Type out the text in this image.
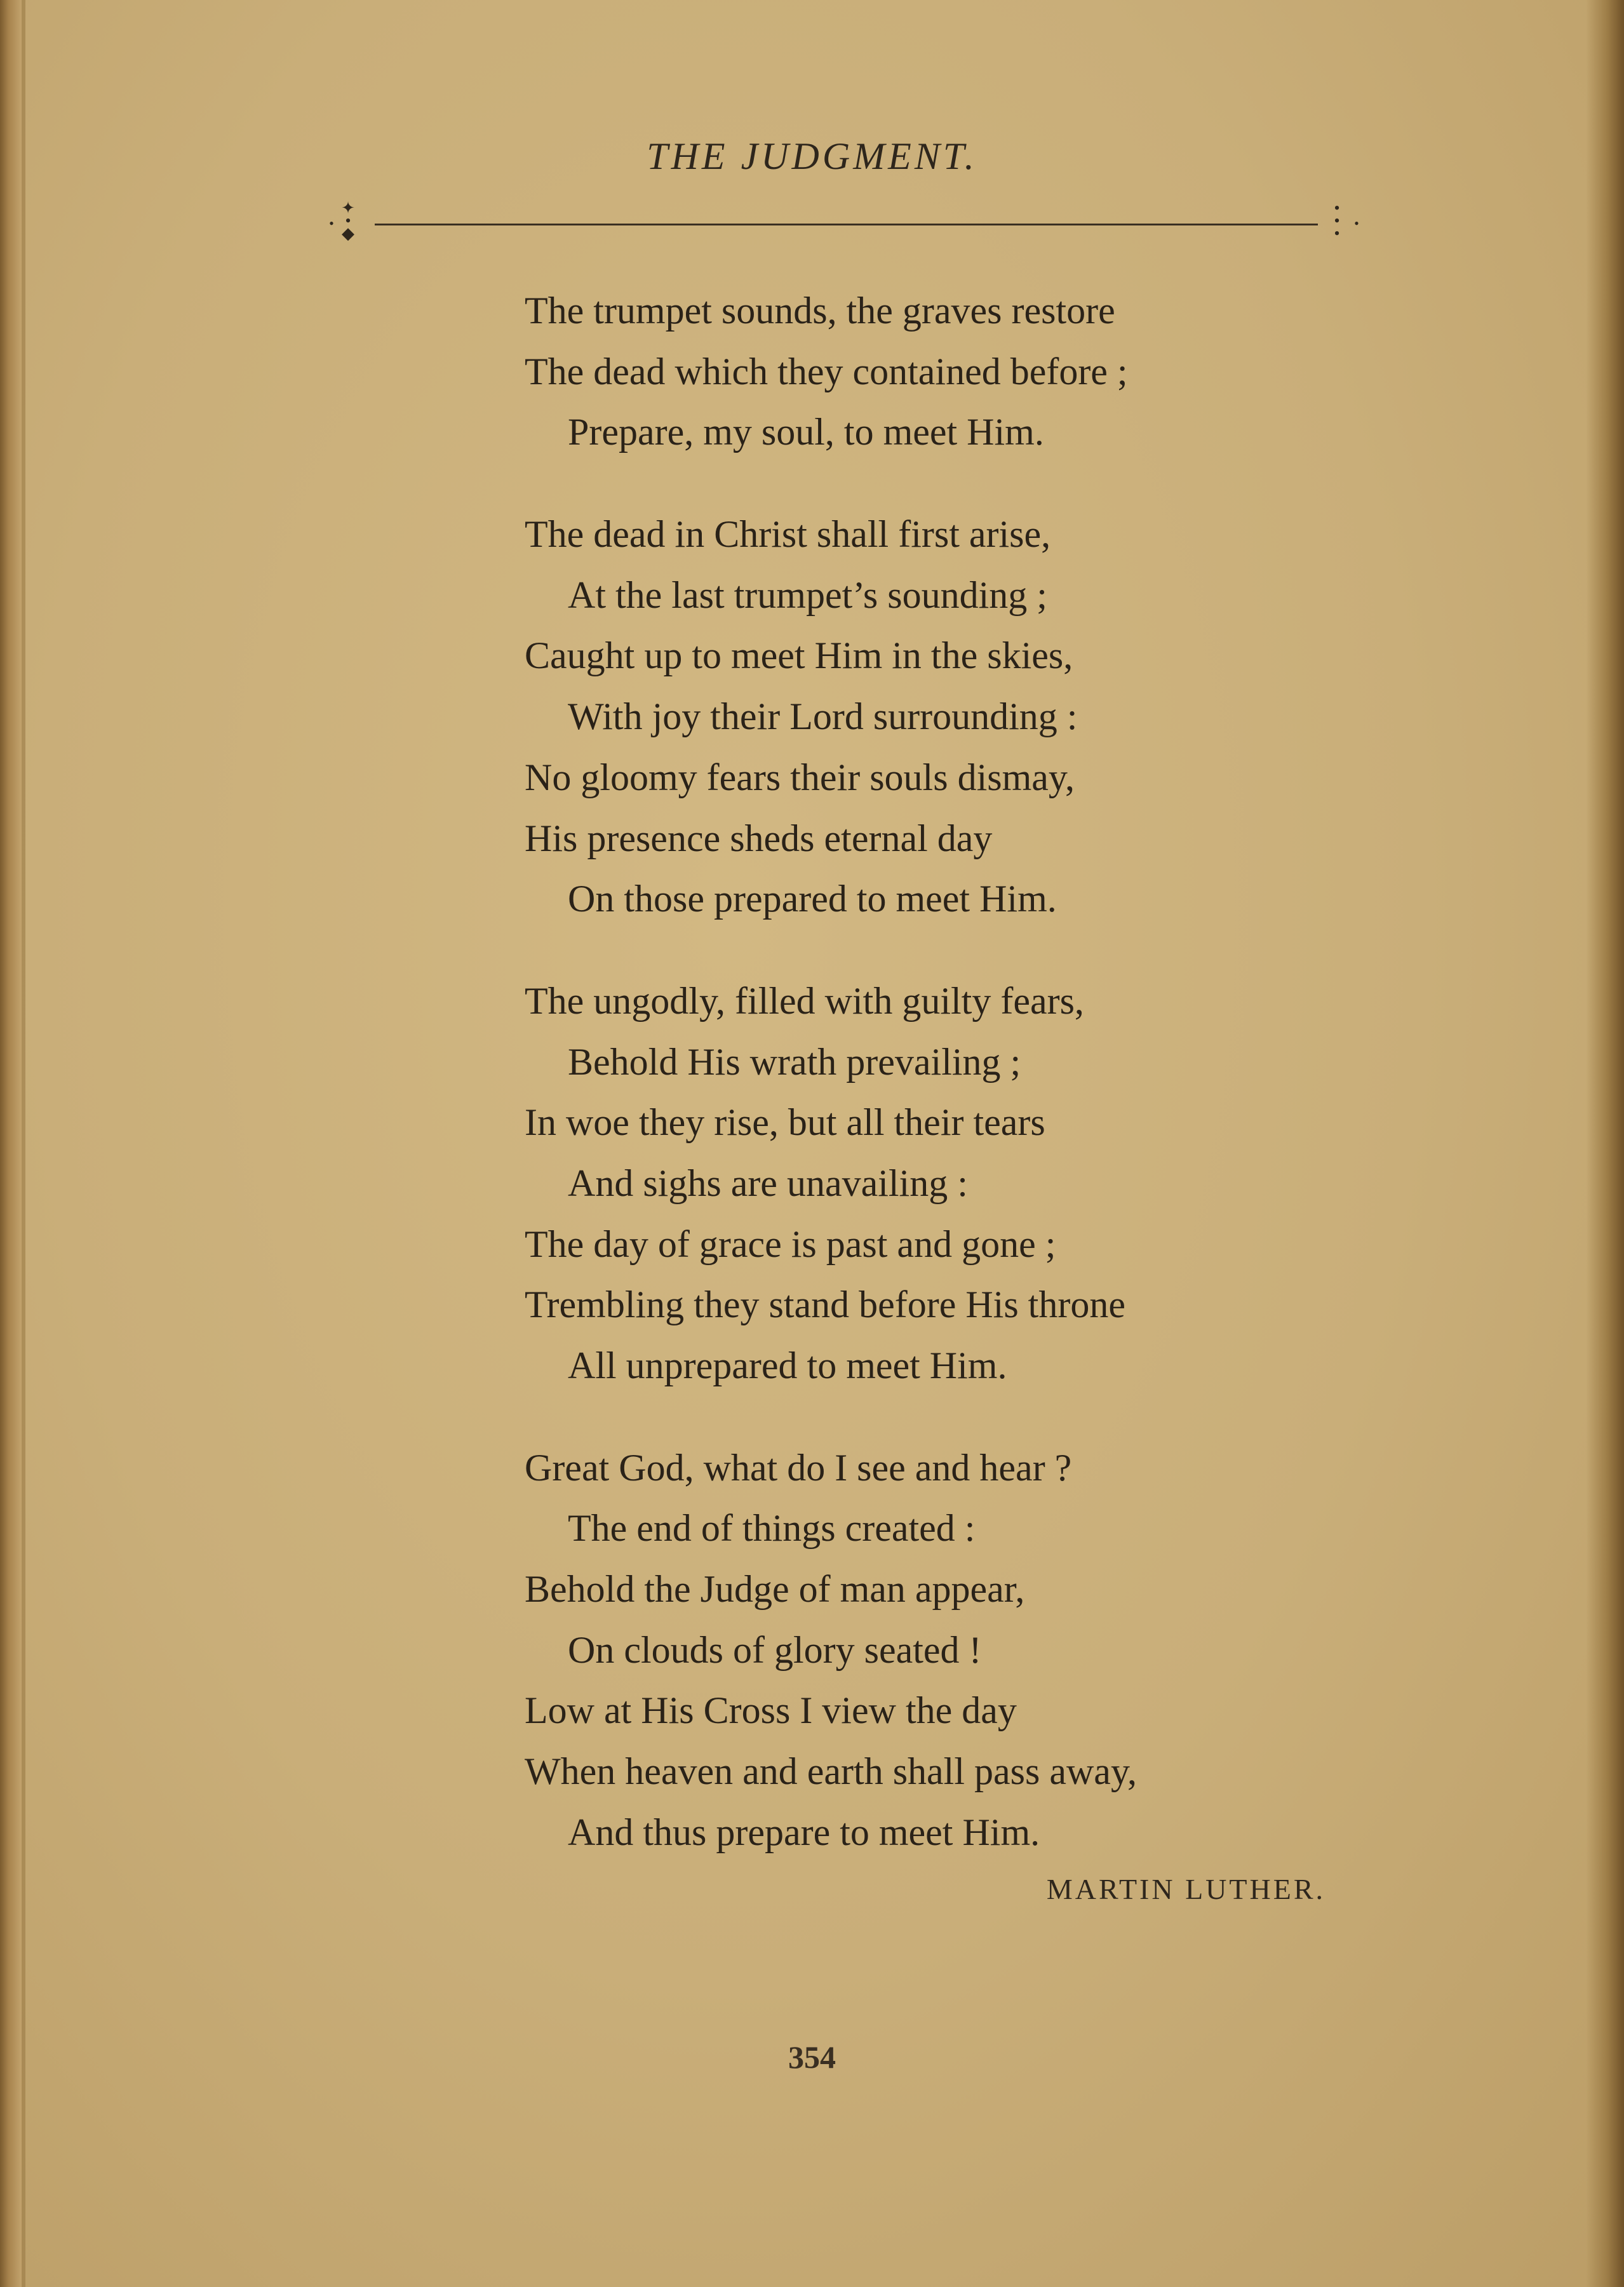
THE JUDGMENT.
•
✦
•
◆
•
•
•
•
The trumpet sounds, the graves restore
The dead which they contained before ;
Prepare, my soul, to meet Him.
The dead in Christ shall first arise,
At the last trumpet’s sounding ;
Caught up to meet Him in the skies,
With joy their Lord surrounding :
No gloomy fears their souls dismay,
His presence sheds eternal day
On those prepared to meet Him.
The ungodly, filled with guilty fears,
Behold His wrath prevailing ;
In woe they rise, but all their tears
And sighs are unavailing :
The day of grace is past and gone ;
Trembling they stand before His throne
All unprepared to meet Him.
Great God, what do I see and hear ?
The end of things created :
Behold the Judge of man appear,
On clouds of glory seated !
Low at His Cross I view the day
When heaven and earth shall pass away,
And thus prepare to meet Him.
MARTIN LUTHER.
354
